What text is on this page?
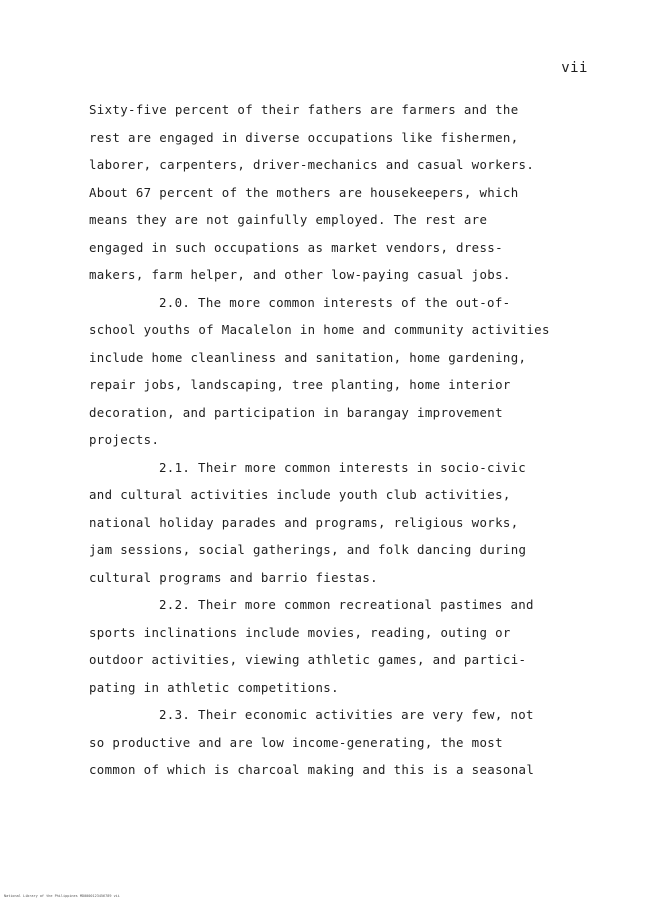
vii
Sixty-five percent of their fathers are farmers and the
rest are engaged in diverse occupations like fishermen,
laborer, carpenters, driver-mechanics and casual workers.
About 67 percent of the mothers are housekeepers, which
means they are not gainfully employed. The rest are
engaged in such occupations as market vendors, dress-
makers, farm helper, and other low-paying casual jobs.
2.0. The more common interests of the out-of-
school youths of Macalelon in home and community activities
include home cleanliness and sanitation, home gardening,
repair jobs, landscaping, tree planting, home interior
decoration, and participation in barangay improvement
projects.
2.1. Their more common interests in socio-civic
and cultural activities include youth club activities,
national holiday parades and programs, religious works,
jam sessions, social gatherings, and folk dancing during
cultural programs and barrio fiestas.
2.2. Their more common recreational pastimes and
sports inclinations include movies, reading, outing or
outdoor activities, viewing athletic games, and partici-
pating in athletic competitions.
2.3. Their economic activities are very few, not
so productive and are low income-generating, the most
common of which is charcoal making and this is a seasonal
National Library of the Philippines MD0000123456789 vii
